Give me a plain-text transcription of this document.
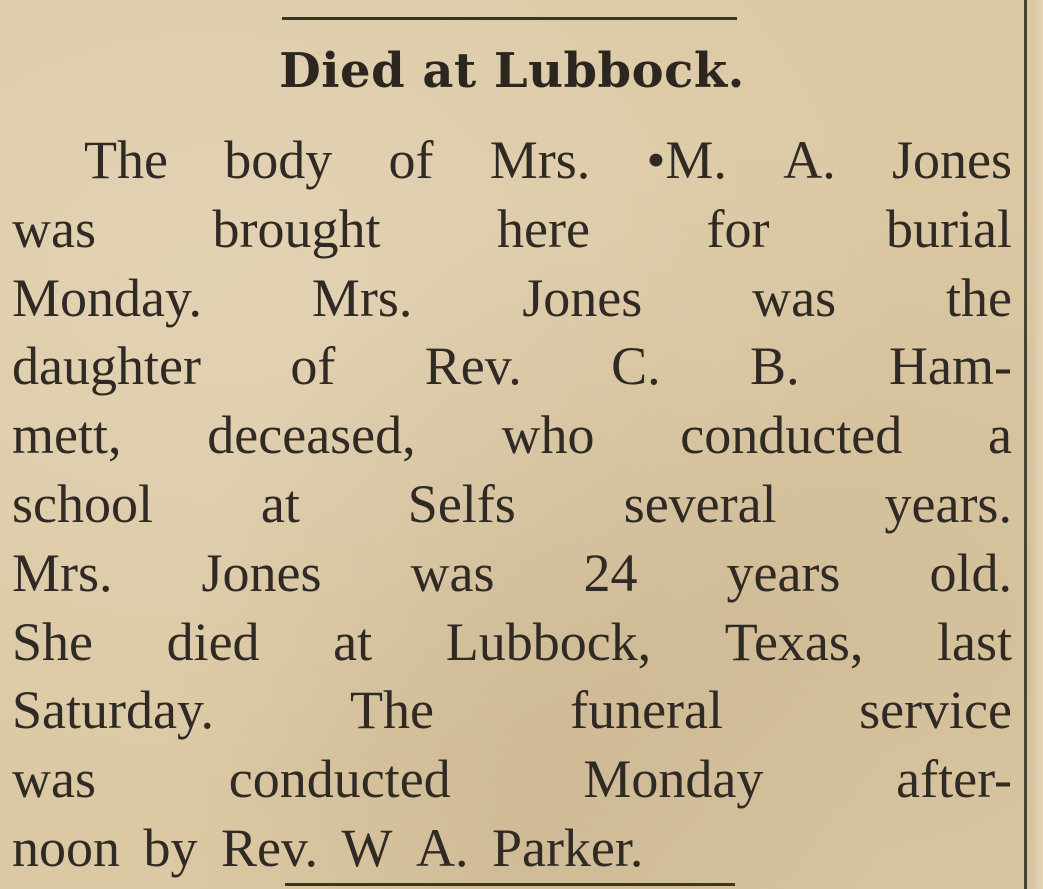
Died at Lubbock.
The body of Mrs. •M. A. Jones
was brought here for burial
Monday. Mrs. Jones was the
daughter of Rev. C. B. Ham-
mett, deceased, who conducted a
school at Selfs several years.
Mrs. Jones was 24 years old.
She died at Lubbock, Texas, last
Saturday.	The	funeral	service
was conducted Monday after-
noon
by
Rev.
W
A.
Parker.
